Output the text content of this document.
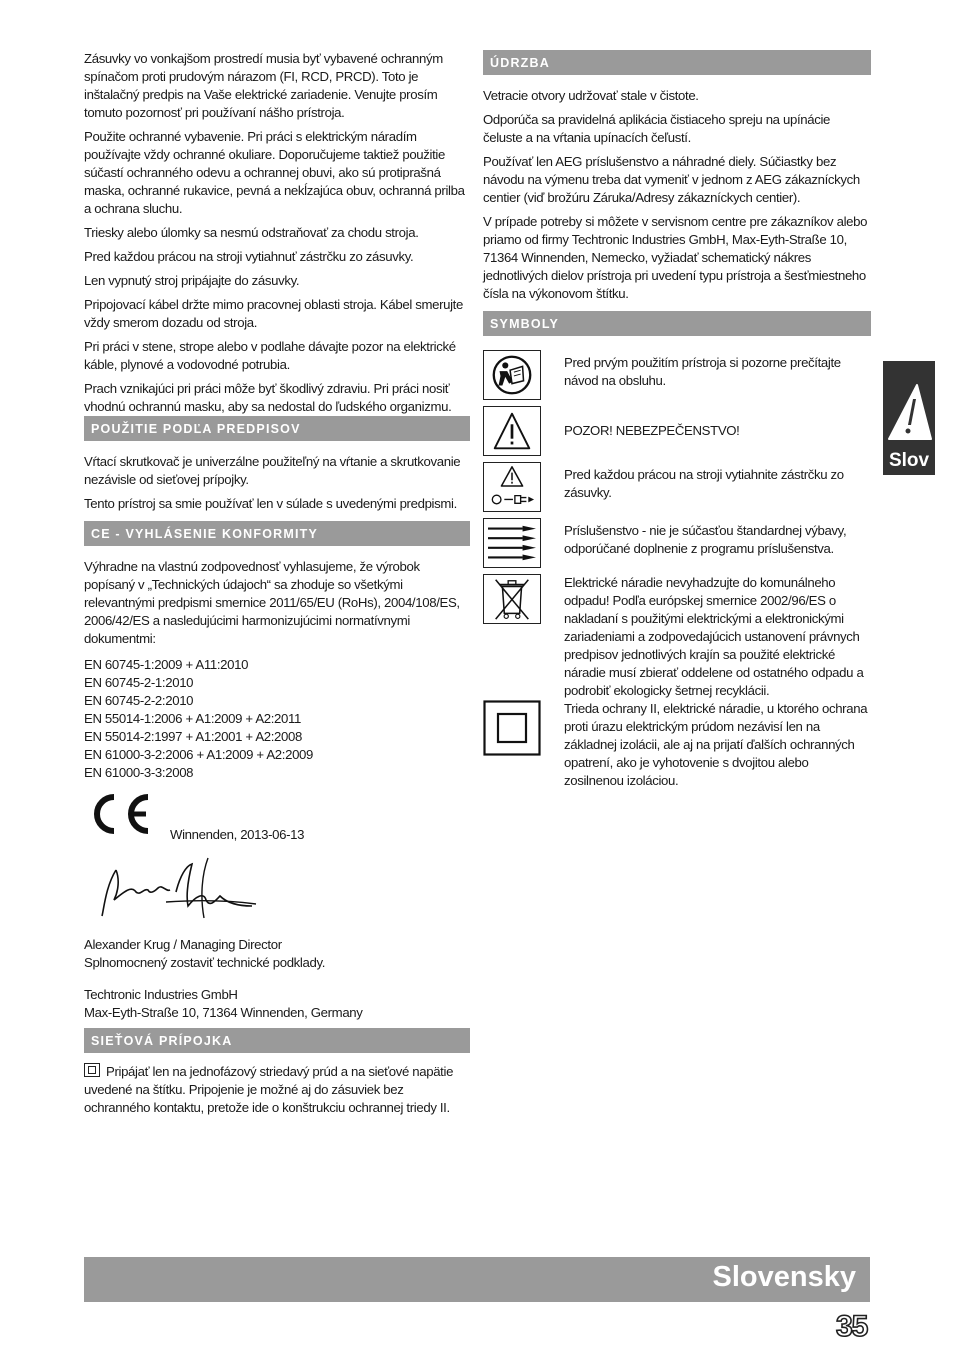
Zásuvky vo vonkajšom prostredí musia byť vybavené ochranným spínačom proti prudovým nárazom (FI, RCD, PRCD). Toto je inštalačný predpis na Vaše elektrické zariadenie. Venujte prosím tomuto pozornosť pri používaní nášho prístroja.

Použite ochranné vybavenie. Pri práci s elektrickým náradím používajte vždy ochranné okuliare. Doporučujeme taktiež použitie súčastí ochranného odevu a ochrannej obuvi, ako sú protiprašná maska, ochranné rukavice, pevná a nekĺzajúca obuv, ochranná prilba a ochrana sluchu.

Triesky alebo úlomky sa nesmú odstraňovať za chodu stroja.

Pred každou prácou na stroji vytiahnuť zástrčku zo zásuvky.

Len vypnutý stroj pripájajte do zásuvky.

Pripojovací kábel držte mimo pracovnej oblasti stroja. Kábel smerujte vždy smerom dozadu od stroja.

Pri práci v stene, strope alebo v podlahe dávajte pozor na elektrické káble, plynové a vodovodné potrubia.

Prach vznikajúci pri práci môže byť škodlivý zdraviu. Pri práci nosiť vhodnú ochrannú masku, aby sa nedostal do ľudského organizmu.

POUŽITIE PODĽA PREDPISOV

Vŕtací skrutkovač je univerzálne použiteľný na vŕtanie a skrutkovanie nezávisle od sieťovej prípojky.

Tento prístroj sa smie používať len v súlade s uvedenými predpismi.

CE - VYHLÁSENIE KONFORMITY

Výhradne na vlastnú zodpovednosť vyhlasujeme, že výrobok popísaný v „Technických údajoch“ sa zhoduje so všetkými relevantnými predpismi smernice 2011/65/EU (RoHs), 2004/108/ES, 2006/42/ES a nasledujúcimi harmonizujúcimi normatívnymi dokumentmi:

EN 60745-1:2009 + A11:2010
EN 60745-2-1:2010
EN 60745-2-2:2010
EN 55014-1:2006 + A1:2009 + A2:2011
EN 55014-2:1997 + A1:2001 + A2:2008
EN 61000-3-2:2006 + A1:2009 + A2:2009
EN 61000-3-3:2008
Winnenden, 2013-06-13
Alexander Krug / Managing Director
Splnomocnený zostaviť technické podklady.
Techtronic Industries GmbH
Max-Eyth-Straße 10, 71364 Winnenden, Germany
SIEŤOVÁ PRÍPOJKA

Pripájať len na jednofázový striedavý prúd a na sieťové napätie uvedené na štítku. Pripojenie je možné aj do zásuviek bez ochranného kontaktu, pretože ide o konštrukciu ochrannej triedy II.

ÚDRZBA

Vetracie otvory udržovať stale v čistote.

Odporúča sa pravidelná aplikácia čistiaceho spreju na upínácie čeluste a na vŕtania upínacích čeľustí.

Používať len AEG príslušenstvo a náhradné diely. Súčiastky bez návodu na výmenu treba dat vymeniť v jednom z AEG zákazníckych centier (viď brožúru Záruka/Adresy zákazníckych centier).

V prípade potreby si môžete v servisnom centre pre zákazníkov alebo priamo od firmy Techtronic Industries GmbH, Max-Eyth-Straße 10, 71364 Winnenden, Nemecko, vyžiadať schematický nákres jednotlivých dielov prístroja pri uvedení typu prístroja a šesťmiestneho čísla na výkonovom štítku.

SYMBOLY
Pred prvým použitím prístroja si pozorne prečítajte návod na obsluhu.
POZOR! NEBEZPEČENSTVO!
Pred každou prácou na stroji vytiahnite zástrčku zo zásuvky.
Príslušenstvo - nie je súčasťou štandardnej výbavy, odporúčané doplnenie z programu príslušenstva.
Elektrické náradie nevyhadzujte do komunálneho odpadu! Podľa európskej smernice 2002/96/ES o nakladaní s použitými elektrickými a elektronickými zariadeniami a zodpovedajúcich ustanovení právnych predpisov jednotlivých krajín sa použité elektrické náradie musí zbierať oddelene od ostatného odpadu a podrobiť ekologicky šetrnej recyklácii.
Trieda ochrany II, elektrické náradie, u ktorého ochrana proti úrazu elektrickým prúdom nezávisí len na základnej izolácii, ale aj na prijatí ďalších ochranných opatrení, ako je vyhotovenie s dvojitou alebo zosilnenou izoláciou.
Slov
Slovensky
35
